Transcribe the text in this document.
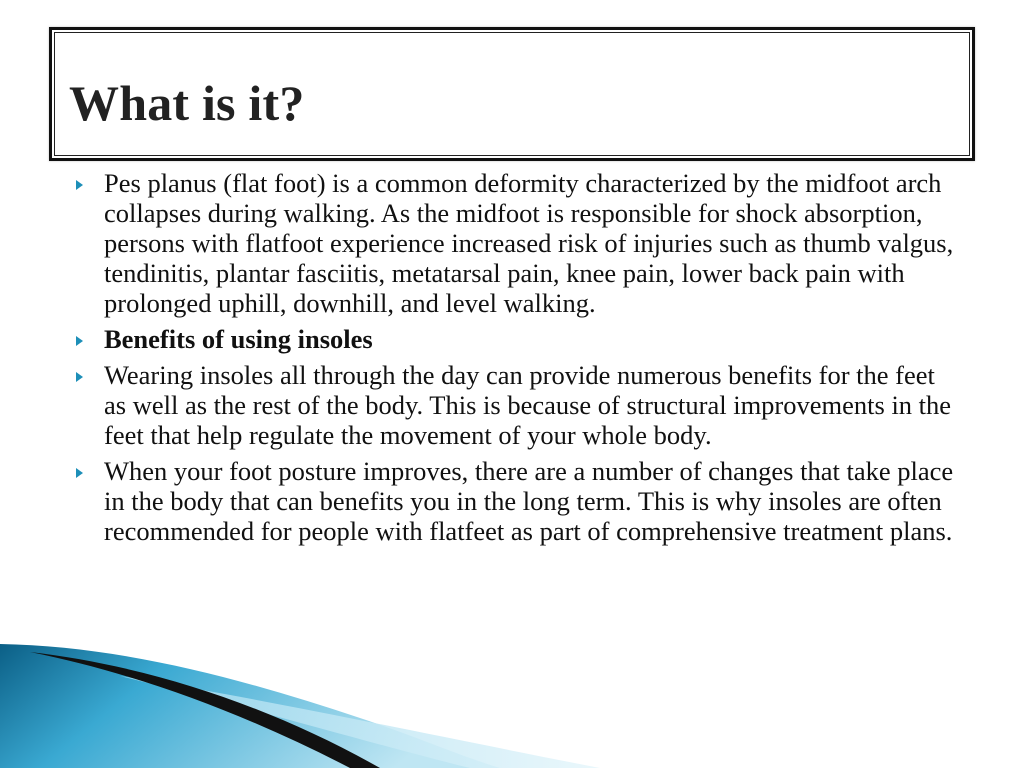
What is it?
Pes planus (flat foot) is a common deformity characterized by the midfoot arch collapses during walking. As the midfoot is responsible for shock absorption, persons with flatfoot experience increased risk of injuries such as thumb valgus, tendinitis, plantar fasciitis, metatarsal pain, knee pain, lower back pain with prolonged uphill, downhill, and level walking.
Benefits of using insoles
Wearing insoles all through the day can provide numerous benefits for the feet as well as the rest of the body. This is because of structural improvements in the feet that help regulate the movement of your whole body.
When your foot posture improves, there are a number of changes that take place in the body that can benefits you in the long term. This is why insoles are often recommended for people with flatfeet as part of comprehensive treatment plans.
